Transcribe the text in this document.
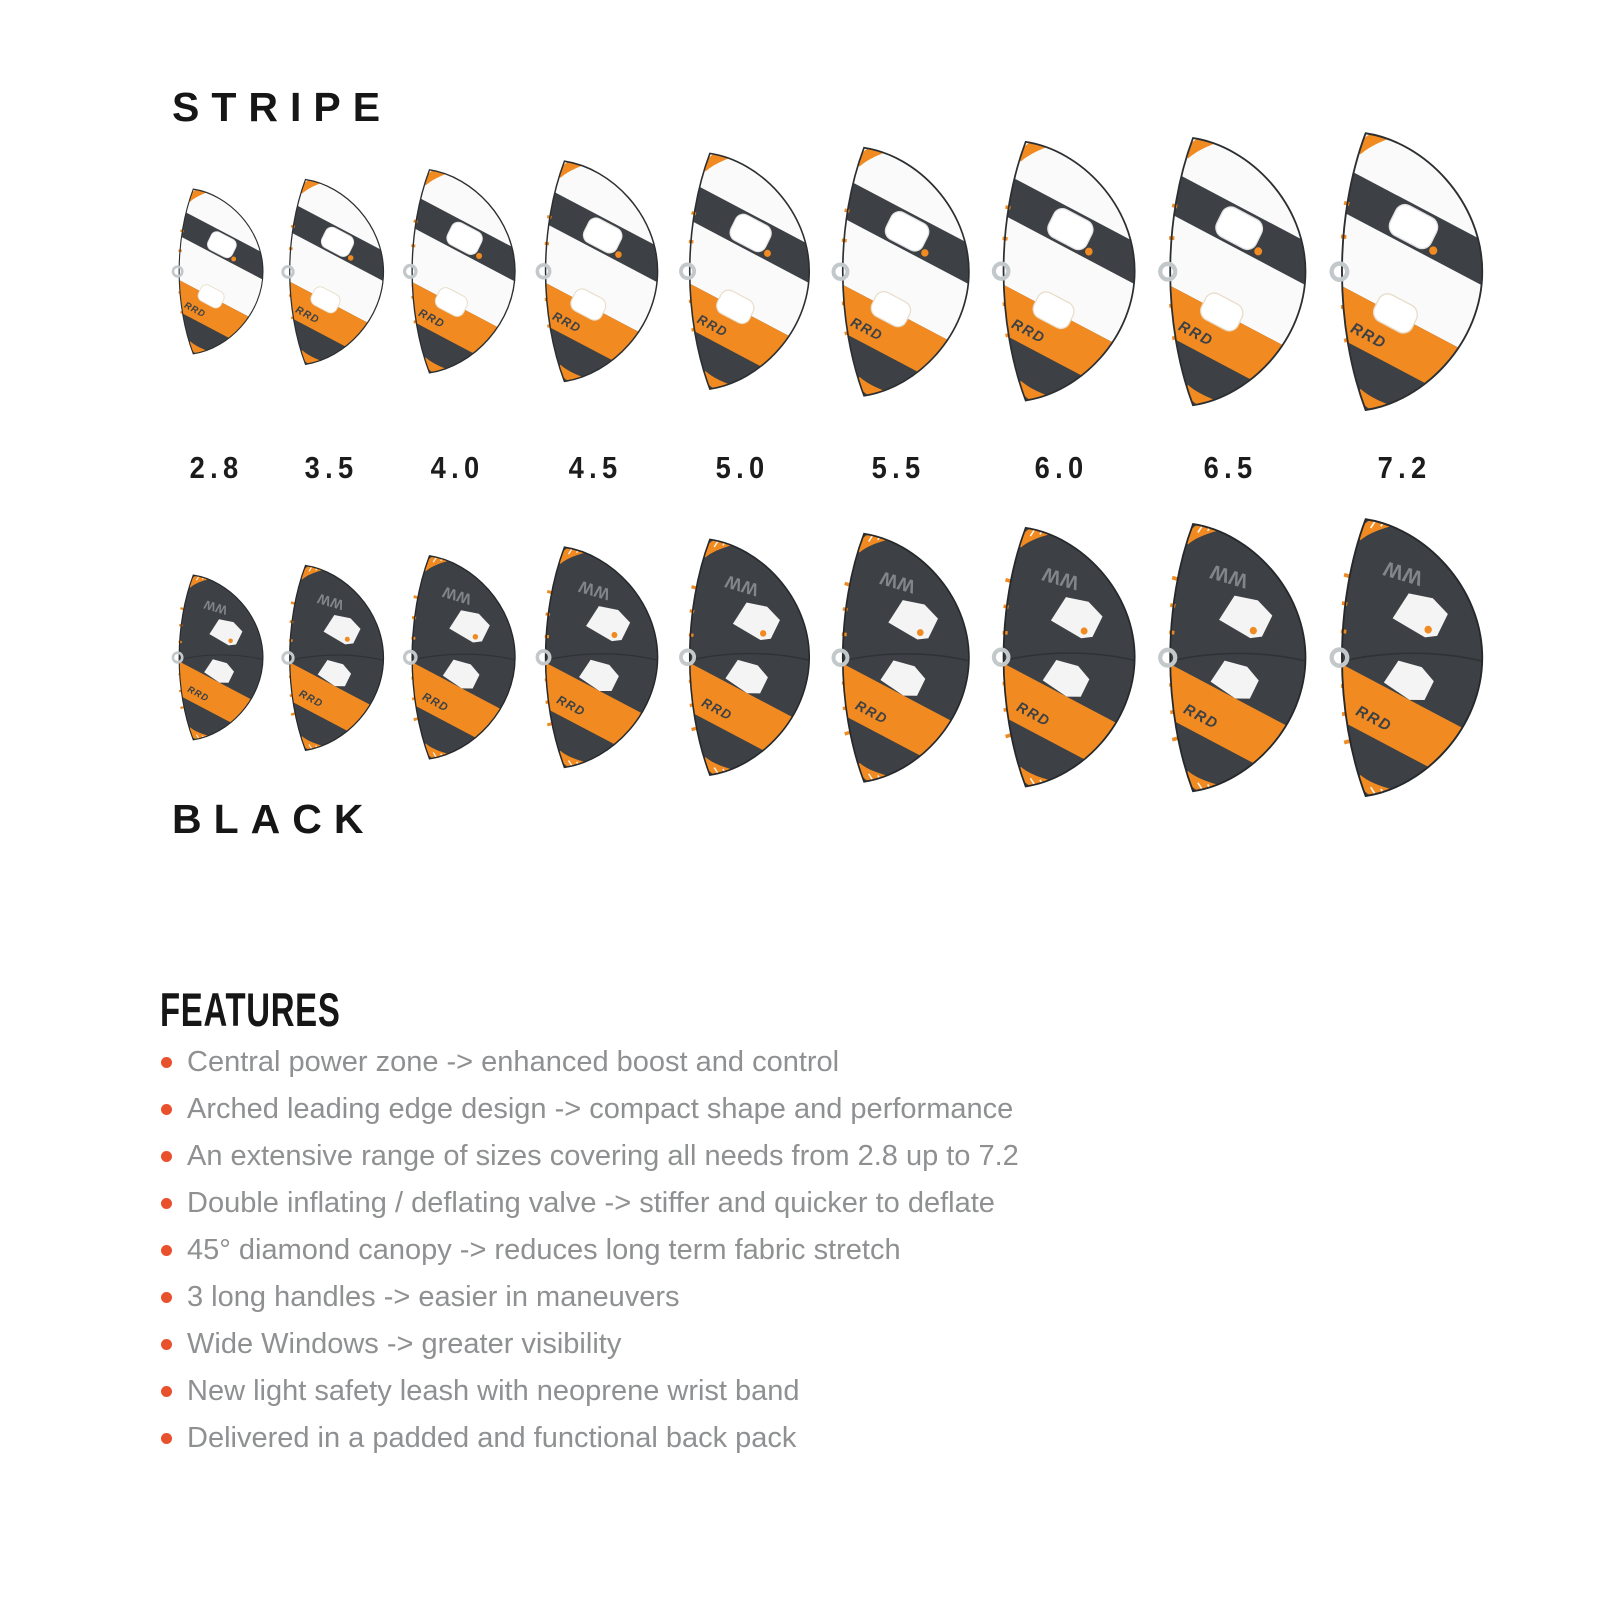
STRIPE
2.8 3.5 4.0	4.5	5.0	5.5	6.0	6.5	7.2
BLACK
FEATURES
Central power zone -> enhanced boost and control
Arched leading edge design -> compact shape and performance
An extensive range of sizes covering all needs from 2.8 up to 7.2
Double inflating / deflating valve -> stiffer and quicker to deflate
45° diamond canopy -> reduces long term fabric stretch
3 long handles -> easier in maneuvers
Wide Windows -> greater visibility
New light safety leash with neoprene wrist band
Delivered in a padded and functional back pack
